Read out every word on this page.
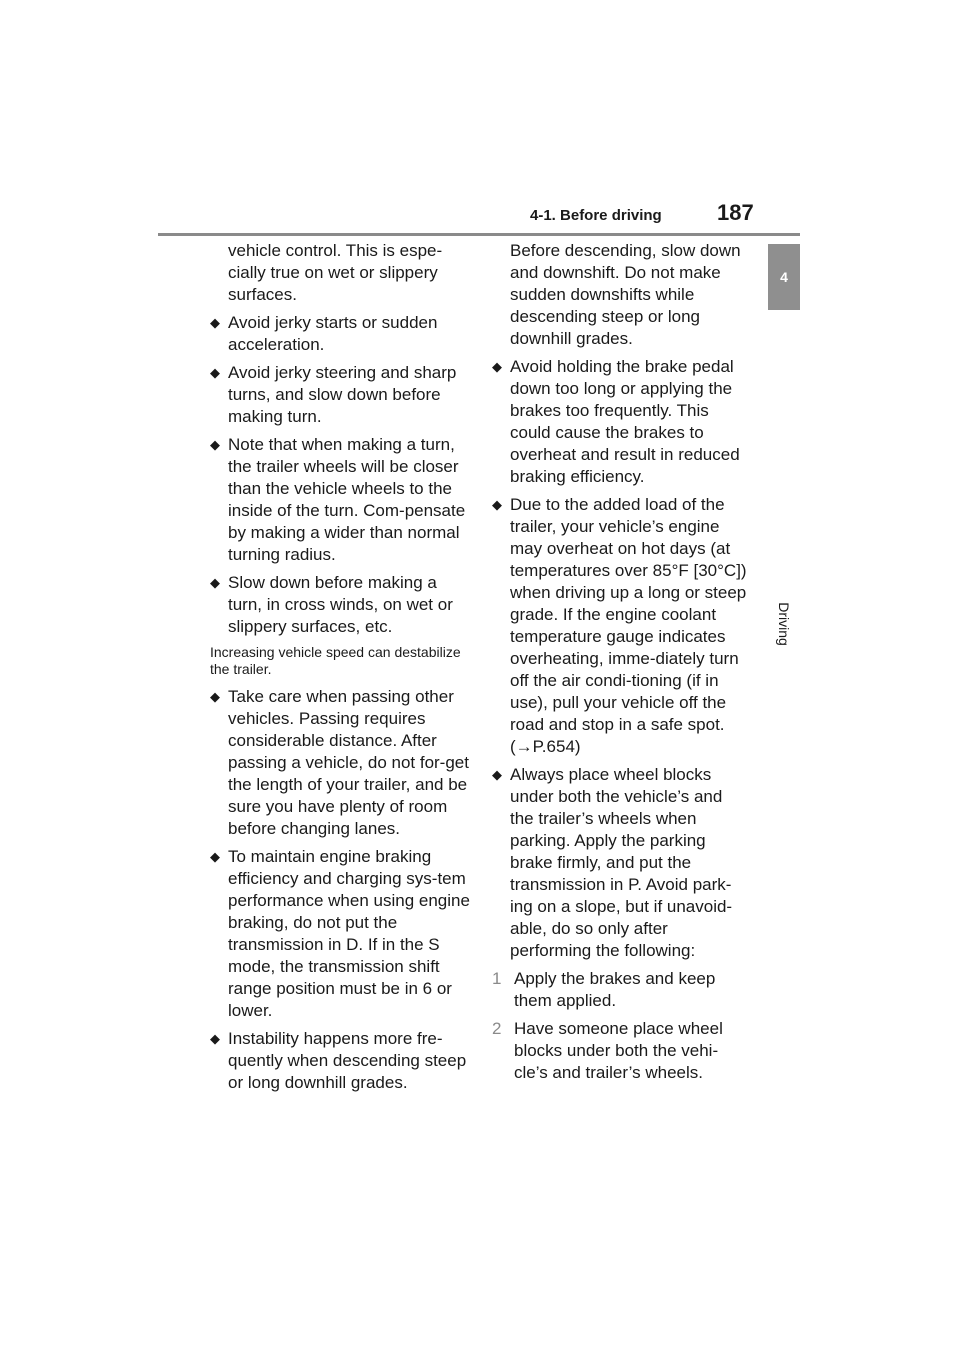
4-1. Before driving	187
4
Driving

vehicle control. This is espe-cially true on wet or slippery surfaces.

◆ Avoid jerky starts or sudden acceleration.
◆ Avoid jerky steering and sharp turns, and slow down before making turn.
◆ Note that when making a turn, the trailer wheels will be closer than the vehicle wheels to the inside of the turn. Com-pensate by making a wider than normal turning radius.
◆ Slow down before making a turn, in cross winds, on wet or slippery surfaces, etc.

Increasing vehicle speed can destabilize the trailer.

◆ Take care when passing other vehicles. Passing requires considerable distance. After passing a vehicle, do not for-get the length of your trailer, and be sure you have plenty of room before changing lanes.
◆ To maintain engine braking efficiency and charging sys-tem performance when using engine braking, do not put the transmission in D. If in the S mode, the transmission shift range position must be in 6 or lower.
◆ Instability happens more fre-quently when descending steep or long downhill grades.

Before descending, slow down and downshift. Do not make sudden downshifts while descending steep or long downhill grades.

◆ Avoid holding the brake pedal down too long or applying the brakes too frequently. This could cause the brakes to overheat and result in reduced braking efficiency.
◆ Due to the added load of the trailer, your vehicle’s engine may overheat on hot days (at temperatures over 85°F [30°C]) when driving up a long or steep grade. If the engine coolant temperature gauge indicates overheating, imme-diately turn off the air condi-tioning (if in use), pull your vehicle off the road and stop in a safe spot. (→P.654)
◆ Always place wheel blocks under both the vehicle’s and the trailer’s wheels when parking. Apply the parking brake firmly, and put the transmission in P. Avoid park-ing on a slope, but if unavoid-able, do so only after performing the following:
1 Apply the brakes and keep them applied.
2 Have someone place wheel blocks under both the vehi-cle’s and trailer’s wheels.
